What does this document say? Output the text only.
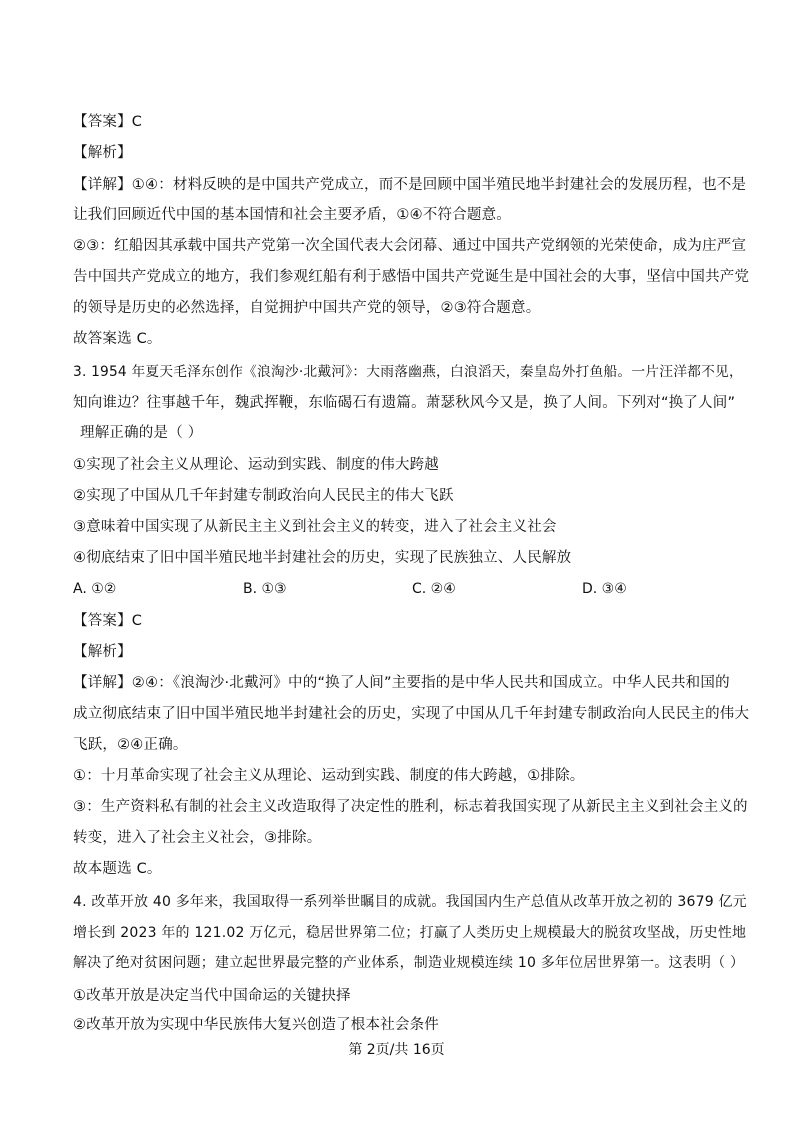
【答案】C
【解析】
【详解】①④：材料反映的是中国共产党成立，而不是回顾中国半殖民地半封建社会的发展历程，也不是
让我们回顾近代中国的基本国情和社会主要矛盾，①④不符合题意。
②③：红船因其承载中国共产党第一次全国代表大会闭幕、通过中国共产党纲领的光荣使命，成为庄严宣
告中国共产党成立的地方，我们参观红船有利于感悟中国共产党诞生是中国社会的大事，坚信中国共产党
的领导是历史的必然选择，自觉拥护中国共产党的领导，②③符合题意。
故答案选 C。
3. 1954 年夏天毛泽东创作《浪淘沙·北戴河》：大雨落幽燕，白浪滔天，秦皇岛外打鱼船。一片汪洋都不见，
知向谁边？往事越千年，魏武挥鞭，东临碣石有遗篇。萧瑟秋风今又是，换了人间。下列对“换了人间”
理解正确的是（ ）
①实现了社会主义从理论、运动到实践、制度的伟大跨越
②实现了中国从几千年封建专制政治向人民民主的伟大飞跃
③意味着中国实现了从新民主主义到社会主义的转变，进入了社会主义社会
④彻底结束了旧中国半殖民地半封建社会的历史，实现了民族独立、人民解放
A. ①②	B. ①③	C. ②④	D. ③④
【答案】C
【解析】
【详解】②④：《浪淘沙·北戴河》中的“换了人间”主要指的是中华人民共和国成立。中华人民共和国的
成立彻底结束了旧中国半殖民地半封建社会的历史，实现了中国从几千年封建专制政治向人民民主的伟大
飞跃，②④正确。
①：十月革命实现了社会主义从理论、运动到实践、制度的伟大跨越，①排除。
③：生产资料私有制的社会主义改造取得了决定性的胜利，标志着我国实现了从新民主主义到社会主义的
转变，进入了社会主义社会，③排除。
故本题选 C。
4. 改革开放 40 多年来，我国取得一系列举世瞩目的成就。我国国内生产总值从改革开放之初的 3679 亿元
增长到 2023 年的 121.02 万亿元，稳居世界第二位；打赢了人类历史上规模最大的脱贫攻坚战，历史性地
解决了绝对贫困问题；建立起世界最完整的产业体系，制造业规模连续 10 多年位居世界第一。这表明（ ）
①改革开放是决定当代中国命运的关键抉择
②改革开放为实现中华民族伟大复兴创造了根本社会条件
第 2页/共 16页
